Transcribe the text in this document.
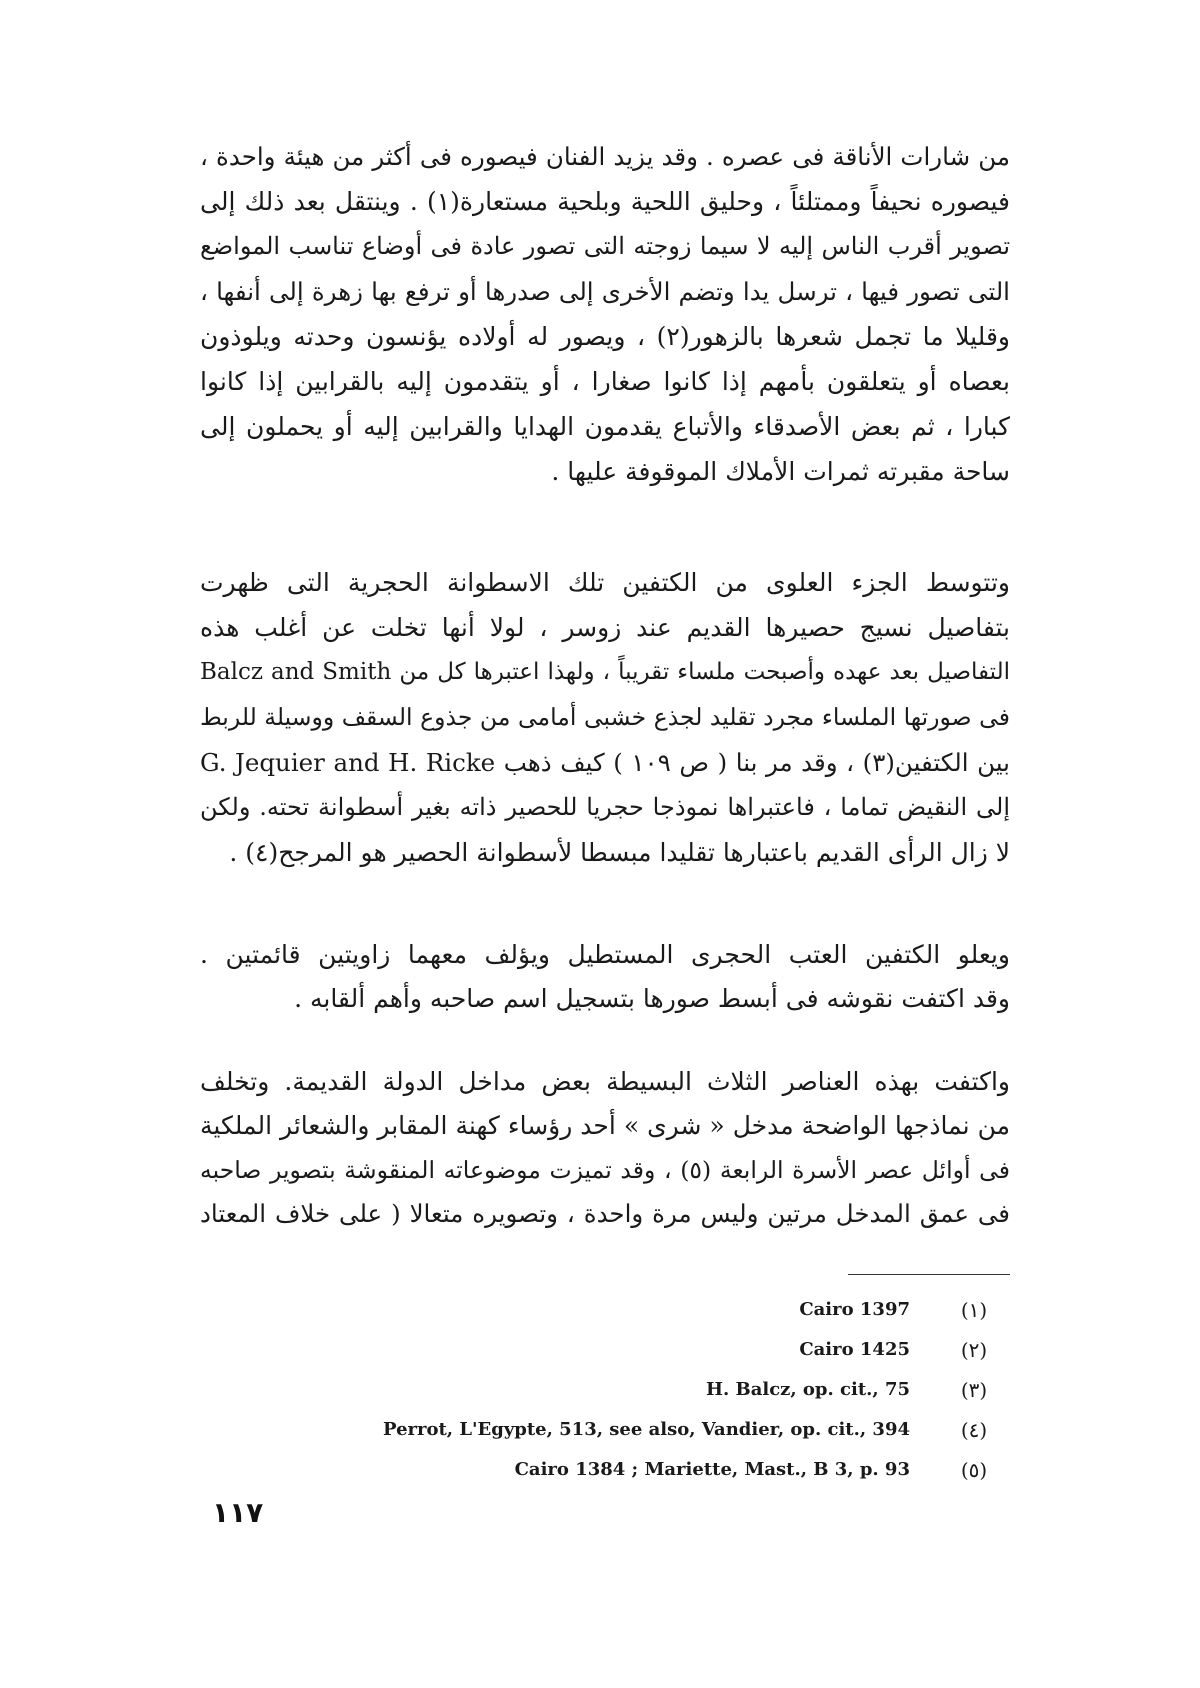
من شارات الأناقة فى عصره . وقد يزيد الفنان فيصوره فى أكثر من هيئة واحدة ،
فيصوره نحيفاً وممتلئاً ، وحليق اللحية وبلحية مستعارة(١) . وينتقل بعد ذلك إلى
تصوير أقرب الناس إليه لا سيما زوجته التى تصور عادة فى أوضاع تناسب المواضع
التى تصور فيها ، ترسل يدا وتضم الأخرى إلى صدرها أو ترفع بها زهرة إلى أنفها ،
وقليلا ما تجمل شعرها بالزهور(٢) ، ويصور له أولاده يؤنسون وحدته ويلوذون
بعصاه أو يتعلقون بأمهم إذا كانوا صغارا ، أو يتقدمون إليه بالقرابين إذا كانوا
كبارا ، ثم بعض الأصدقاء والأتباع يقدمون الهدايا والقرابين إليه أو يحملون إلى
ساحة مقبرته ثمرات الأملاك الموقوفة عليها .
وتتوسط الجزء العلوى من الكتفين تلك الاسطوانة الحجرية التى ظهرت
بتفاصيل نسيج حصيرها القديم عند زوسر ، لولا أنها تخلت عن أغلب هذه
التفاصيل بعد عهده وأصبحت ملساء تقريباً ، ولهذا اعتبرها كل من Balcz and Smith
فى صورتها الملساء مجرد تقليد لجذع خشبى أمامى من جذوع السقف ووسيلة للربط
بين الكتفين(٣) ، وقد مر بنا ( ص ١٠٩ ) كيف ذهب G. Jequier and H. Ricke
إلى النقيض تماما ، فاعتبراها نموذجا حجريا للحصير ذاته بغير أسطوانة تحته. ولكن
لا زال الرأى القديم باعتبارها تقليدا مبسطا لأسطوانة الحصير هو المرجح(٤) .
ويعلو الكتفين العتب الحجرى المستطيل ويؤلف معهما زاويتين قائمتين .
وقد اكتفت نقوشه فى أبسط صورها بتسجيل اسم صاحبه وأهم ألقابه .
واكتفت بهذه العناصر الثلاث البسيطة بعض مداخل الدولة القديمة. وتخلف
من نماذجها الواضحة مدخل « شرى » أحد رؤساء كهنة المقابر والشعائر الملكية
فى أوائل عصر الأسرة الرابعة (٥) ، وقد تميزت موضوعاته المنقوشة بتصوير صاحبه
فى عمق المدخل مرتين وليس مرة واحدة ، وتصويره متعالا ( على خلاف المعتاد
Cairo 1397	(١)
Cairo 1425	(٢)
H. Balcz, op. cit., 75	(٣)
Perrot, L'Egypte, 513, see also, Vandier, op. cit., 394	(٤)
Cairo 1384 ; Mariette, Mast., B 3, p. 93	(٥)
١١٧
